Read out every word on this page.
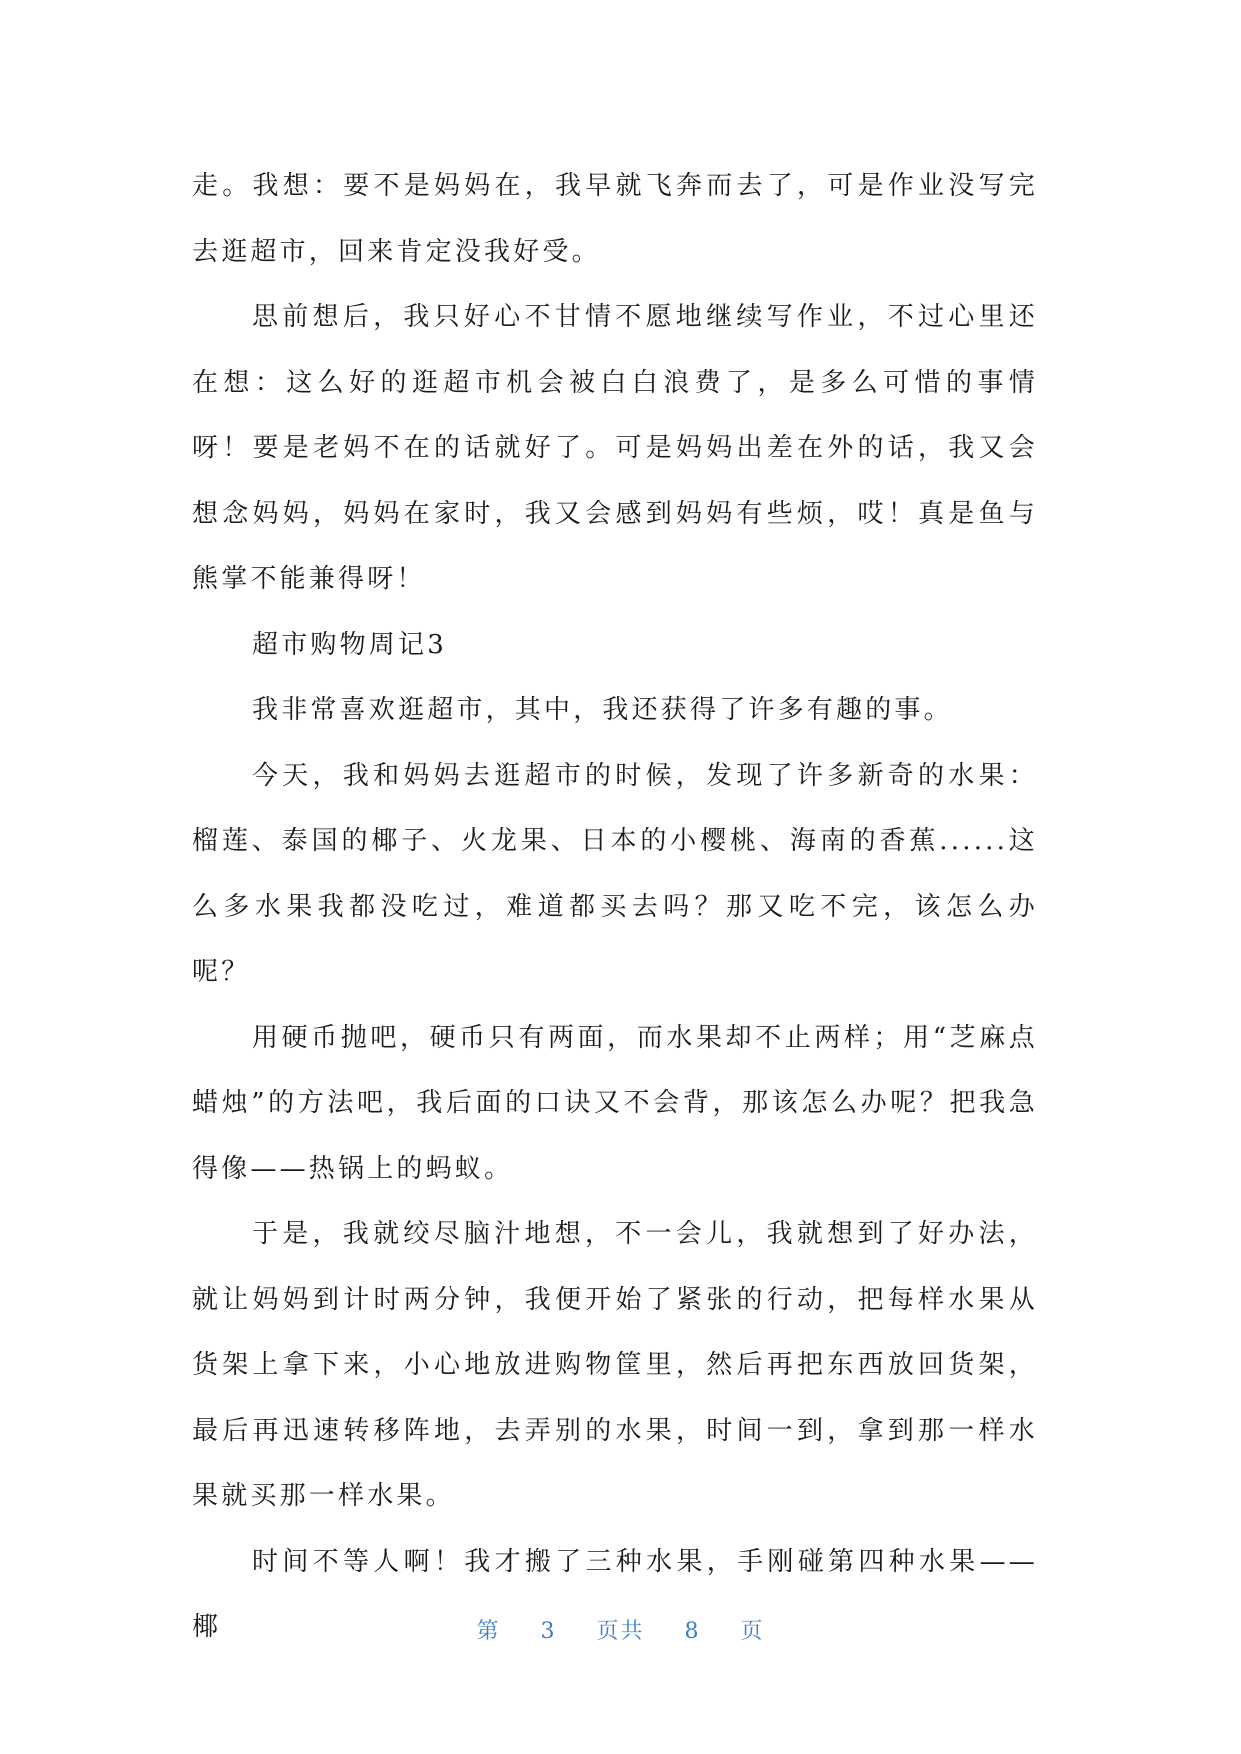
走。我想：要不是妈妈在，我早就飞奔而去了，可是作业没写完去逛超市，回来肯定没我好受。

思前想后，我只好心不甘情不愿地继续写作业，不过心里还在想：这么好的逛超市机会被白白浪费了，是多么可惜的事情呀！要是老妈不在的话就好了。可是妈妈出差在外的话，我又会想念妈妈，妈妈在家时，我又会感到妈妈有些烦，哎！真是鱼与熊掌不能兼得呀！

超市购物周记3

我非常喜欢逛超市，其中，我还获得了许多有趣的事。

今天，我和妈妈去逛超市的时候，发现了许多新奇的水果：榴莲、泰国的椰子、火龙果、日本的小樱桃、海南的香蕉......这么多水果我都没吃过，难道都买去吗？那又吃不完，该怎么办呢？

用硬币抛吧，硬币只有两面，而水果却不止两样；用“芝麻点蜡烛”的方法吧，我后面的口诀又不会背，那该怎么办呢？把我急得像——热锅上的蚂蚁。

于是，我就绞尽脑汁地想，不一会儿，我就想到了好办法，就让妈妈到计时两分钟，我便开始了紧张的行动，把每样水果从货架上拿下来，小心地放进购物筐里，然后再把东西放回货架，最后再迅速转移阵地，去弄别的水果，时间一到，拿到那一样水果就买那一样水果。

时间不等人啊！我才搬了三种水果，手刚碰第四种水果——椰	第 3 页共 8 页
